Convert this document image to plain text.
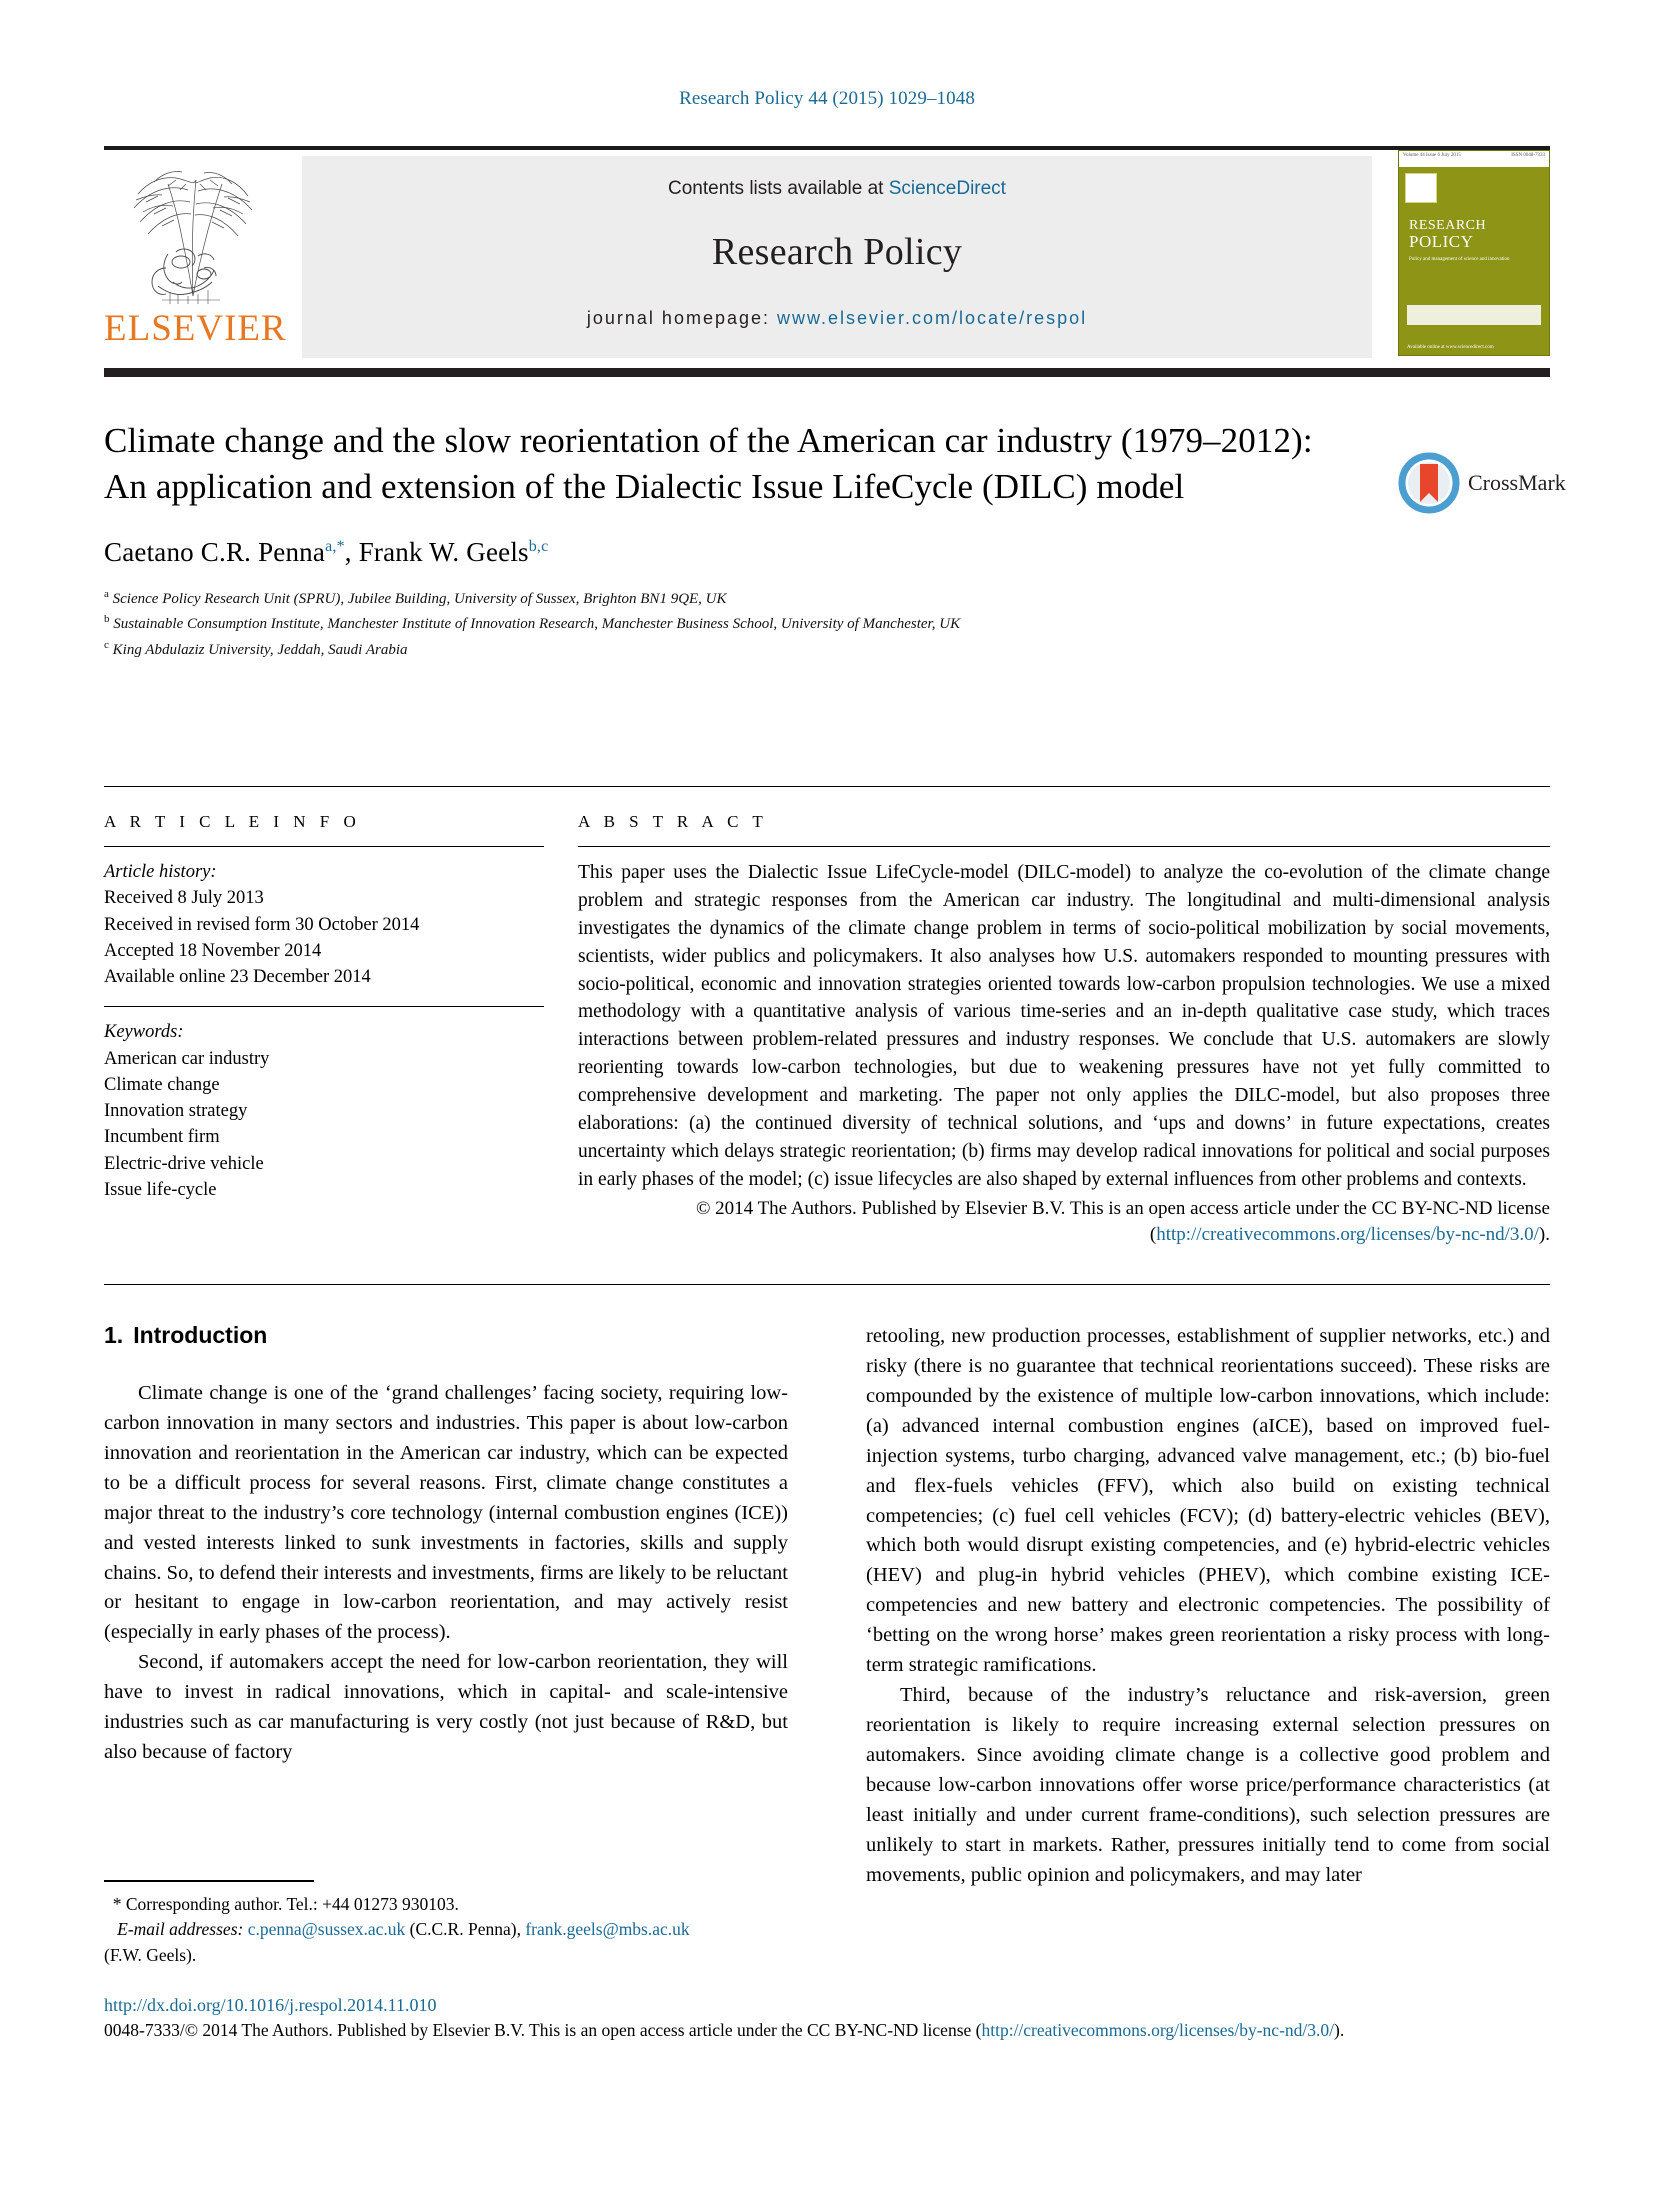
Research Policy 44 (2015) 1029–1048
ELSEVIER
Contents lists available at ScienceDirect
Research Policy
journal homepage: www.elsevier.com/locate/respol
Volume 44 Issue 6 July 2015	ISSN 0048-7333
RESEARCH
POLICY
Policy and management of science and innovation
Available online at www.sciencedirect.com
Climate change and the slow reorientation of the American car industry (1979–2012): An application and extension of the Dialectic Issue LifeCycle (DILC) model
Caetano C.R. Penna$^{a,*}$, Frank W. Geels$^{b,c}$
$^a$ Science Policy Research Unit (SPRU), Jubilee Building, University of Sussex, Brighton BN1 9QE, UK
$^b$ Sustainable Consumption Institute, Manchester Institute of Innovation Research, Manchester Business School, University of Manchester, UK
$^c$ King Abdulaziz University, Jeddah, Saudi Arabia
CrossMark
A R T I C L E I N F O
Article history:
Received 8 July 2013
Received in revised form 30 October 2014
Accepted 18 November 2014
Available online 23 December 2014
Keywords:
American car industry
Climate change
Innovation strategy
Incumbent firm
Electric-drive vehicle
Issue life-cycle
A B S T R A C T
This paper uses the Dialectic Issue LifeCycle-model (DILC-model) to analyze the co-evolution of the climate change problem and strategic responses from the American car industry. The longitudinal and multi-dimensional analysis investigates the dynamics of the climate change problem in terms of socio-political mobilization by social movements, scientists, wider publics and policymakers. It also analyses how U.S. automakers responded to mounting pressures with socio-political, economic and innovation strategies oriented towards low-carbon propulsion technologies. We use a mixed methodology with a quantitative analysis of various time-series and an in-depth qualitative case study, which traces interactions between problem-related pressures and industry responses. We conclude that U.S. automakers are slowly reorienting towards low-carbon technologies, but due to weakening pressures have not yet fully committed to comprehensive development and marketing. The paper not only applies the DILC-model, but also proposes three elaborations: (a) the continued diversity of technical solutions, and ‘ups and downs’ in future expectations, creates uncertainty which delays strategic reorientation; (b) firms may develop radical innovations for political and social purposes in early phases of the model; (c) issue lifecycles are also shaped by external influences from other problems and contexts.
© 2014 The Authors. Published by Elsevier B.V. This is an open access article under the CC BY-NC-ND license (http://creativecommons.org/licenses/by-nc-nd/3.0/).
1. Introduction

Climate change is one of the ‘grand challenges’ facing society, requiring low-carbon innovation in many sectors and industries. This paper is about low-carbon innovation and reorientation in the American car industry, which can be expected to be a difficult process for several reasons. First, climate change constitutes a major threat to the industry’s core technology (internal combustion engines (ICE)) and vested interests linked to sunk investments in factories, skills and supply chains. So, to defend their interests and investments, firms are likely to be reluctant or hesitant to engage in low-carbon reorientation, and may actively resist (especially in early phases of the process).

Second, if automakers accept the need for low-carbon reorientation, they will have to invest in radical innovations, which in capital- and scale-intensive industries such as car manufacturing is very costly (not just because of R&D, but also because of factory

retooling, new production processes, establishment of supplier networks, etc.) and risky (there is no guarantee that technical reorientations succeed). These risks are compounded by the existence of multiple low-carbon innovations, which include: (a) advanced internal combustion engines (aICE), based on improved fuel-injection systems, turbo charging, advanced valve management, etc.; (b) bio-fuel and flex-fuels vehicles (FFV), which also build on existing technical competencies; (c) fuel cell vehicles (FCV); (d) battery-electric vehicles (BEV), which both would disrupt existing competencies, and (e) hybrid-electric vehicles (HEV) and plug-in hybrid vehicles (PHEV), which combine existing ICE-competencies and new battery and electronic competencies. The possibility of ‘betting on the wrong horse’ makes green reorientation a risky process with long-term strategic ramifications.

Third, because of the industry’s reluctance and risk-aversion, green reorientation is likely to require increasing external selection pressures on automakers. Since avoiding climate change is a collective good problem and because low-carbon innovations offer worse price/performance characteristics (at least initially and under current frame-conditions), such selection pressures are unlikely to start in markets. Rather, pressures initially tend to come from social movements, public opinion and policymakers, and may later

* Corresponding author. Tel.: +44 01273 930103.
E-mail addresses: c.penna@sussex.ac.uk (C.C.R. Penna), frank.geels@mbs.ac.uk
(F.W. Geels).
http://dx.doi.org/10.1016/j.respol.2014.11.010
0048-7333/© 2014 The Authors. Published by Elsevier B.V. This is an open access article under the CC BY-NC-ND license (http://creativecommons.org/licenses/by-nc-nd/3.0/).
